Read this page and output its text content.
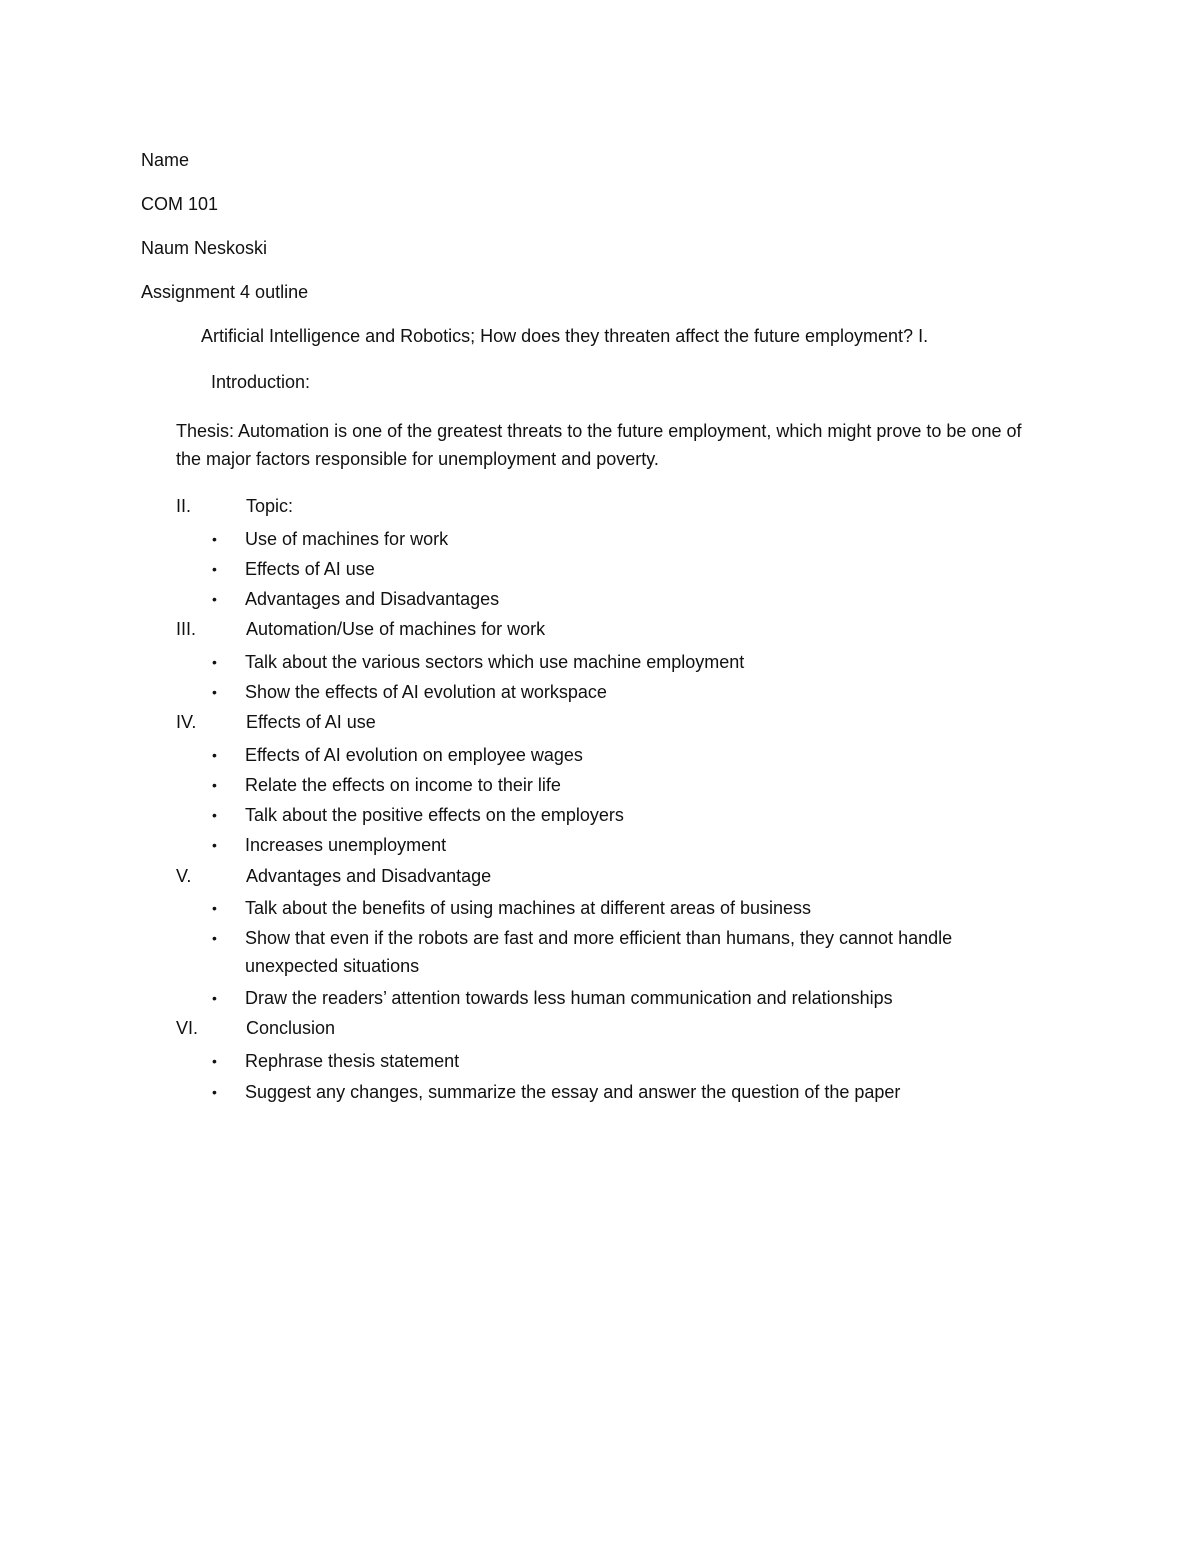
Name
COM 101
Naum Neskoski
Assignment 4 outline
Artificial Intelligence and Robotics; How does they threaten affect the future employment? I.
Introduction:
Thesis: Automation is one of the greatest threats to the future employment, which might prove to be one of the major factors responsible for unemployment and poverty.
II.	Topic:
• Use of machines for work
• Effects of AI use
• Advantages and Disadvantages
III.	Automation/Use of machines for work
• Talk about the various sectors which use machine employment
• Show the effects of AI evolution at workspace
IV.	Effects of AI use
• Effects of AI evolution on employee wages
• Relate the effects on income to their life
• Talk about the positive effects on the employers
• Increases unemployment
V.	Advantages and Disadvantage
• Talk about the benefits of using machines at different areas of business
• Show that even if the robots are fast and more efficient than humans, they cannot handle unexpected situations
• Draw the readers’ attention towards less human communication and relationships
VI.	Conclusion
• Rephrase thesis statement
• Suggest any changes, summarize the essay and answer the question of the paper
